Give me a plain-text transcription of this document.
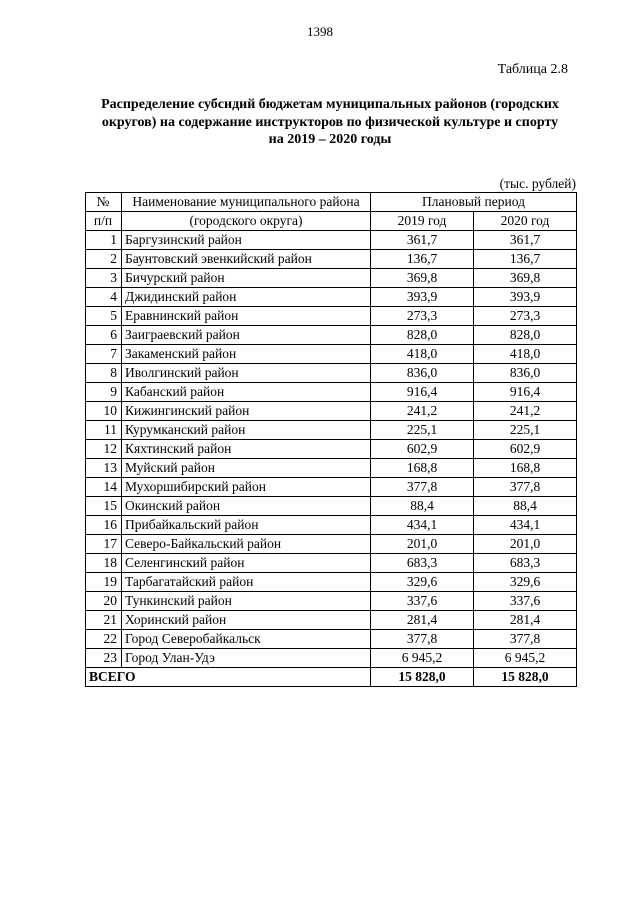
1398
Таблица 2.8
Распределение субсидий бюджетам муниципальных районов (городских
округов) на содержание инструкторов по физической культуре и спорту
на 2019 – 2020 годы
(тыс. рублей)
№	Наименование муниципального района	Плановый период	
п/п	(городского округа)	2019 год	2020 год
1	Баргузинский район	361,7	361,7
2	Баунтовский эвенкийский район	136,7	136,7
3	Бичурский район	369,8	369,8
4	Джидинский район	393,9	393,9
5	Еравнинский район	273,3	273,3
6	Заиграевский район	828,0	828,0
7	Закаменский район	418,0	418,0
8	Иволгинский район	836,0	836,0
9	Кабанский район	916,4	916,4
10	Кижингинский район	241,2	241,2
11	Курумканский район	225,1	225,1
12	Кяхтинский район	602,9	602,9
13	Муйский район	168,8	168,8
14	Мухоршибирский район	377,8	377,8
15	Окинский район	88,4	88,4
16	Прибайкальский район	434,1	434,1
17	Северо-Байкальский район	201,0	201,0
18	Селенгинский район	683,3	683,3
19	Тарбагатайский район	329,6	329,6
20	Тункинский район	337,6	337,6
21	Хоринский район	281,4	281,4
22	Город Северобайкальск	377,8	377,8
23	Город Улан-Удэ	6 945,2	6 945,2
ВСЕГО		15 828,0	15 828,0
